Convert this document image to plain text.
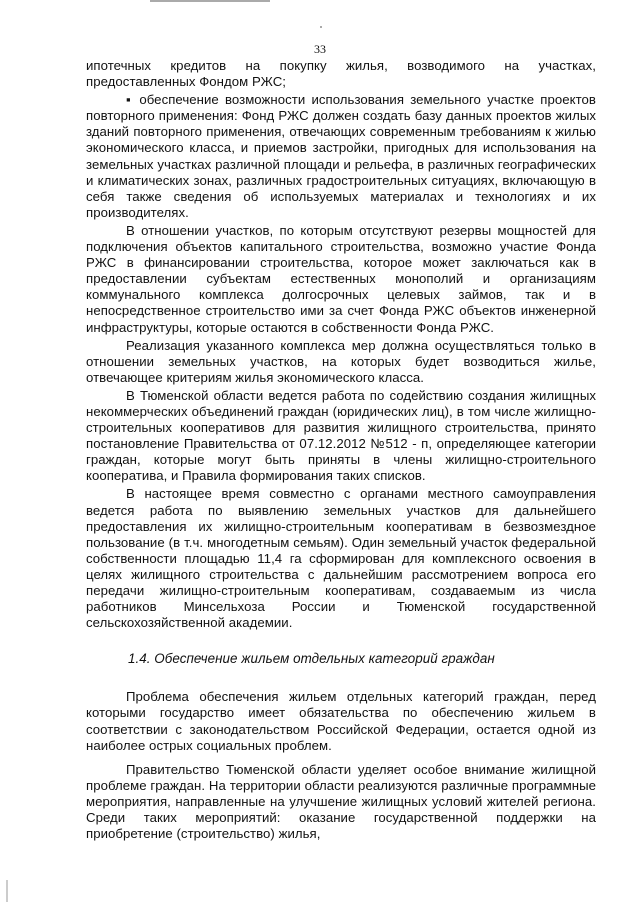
33

ипотечных кредитов на покупку жилья, возводимого на участках, предоставленных Фондом РЖС;

▪ обеспечение возможности использования земельного участке проектов повторного применения: Фонд РЖС должен создать базу данных проектов жилых зданий повторного применения, отвечающих современным требованиям к жилью экономического класса, и приемов застройки, пригодных для использования на земельных участках различной площади и рельефа, в различных географических и климатических зонах, различных градостроительных ситуациях, включающую в себя также сведения об используемых материалах и технологиях и их производителях.

В отношении участков, по которым отсутствуют резервы мощностей для подключения объектов капитального строительства, возможно участие Фонда РЖС в финансировании строительства, которое может заключаться как в предоставлении субъектам естественных монополий и организациям коммунального комплекса долгосрочных целевых займов, так и в непосредственное строительство ими за счет Фонда РЖС объектов инженерной инфраструктуры, которые остаются в собственности Фонда РЖС.

Реализация указанного комплекса мер должна осуществляться только в отношении земельных участков, на которых будет возводиться жилье, отвечающее критериям жилья экономического класса.

В Тюменской области ведется работа по содействию создания жилищных некоммерческих объединений граждан (юридических лиц), в том числе жилищно-строительных кооперативов для развития жилищного строительства, принято постановление Правительства от 07.12.2012 №512 - п, определяющее категории граждан, которые могут быть приняты в члены жилищно-строительного кооператива, и Правила формирования таких списков.

В настоящее время совместно с органами местного самоуправления ведется работа по выявлению земельных участков для дальнейшего предоставления их жилищно-строительным кооперативам в безвозмездное пользование (в т.ч. многодетным семьям). Один земельный участок федеральной собственности площадью 11,4 га сформирован для комплексного освоения в целях жилищного строительства с дальнейшим рассмотрением вопроса его передачи жилищно-строительным кооперативам, создаваемым из числа работников Минсельхоза России и Тюменской государственной сельскохозяйственной академии.

1.4. Обеспечение жильем отдельных категорий граждан

Проблема обеспечения жильем отдельных категорий граждан, перед которыми государство имеет обязательства по обеспечению жильем в соответствии с законодательством Российской Федерации, остается одной из наиболее острых социальных проблем.

Правительство Тюменской области уделяет особое внимание жилищной проблеме граждан. На территории области реализуются различные программные мероприятия, направленные на улучшение жилищных условий жителей региона. Среди таких мероприятий: оказание государственной поддержки на приобретение (строительство) жилья,
